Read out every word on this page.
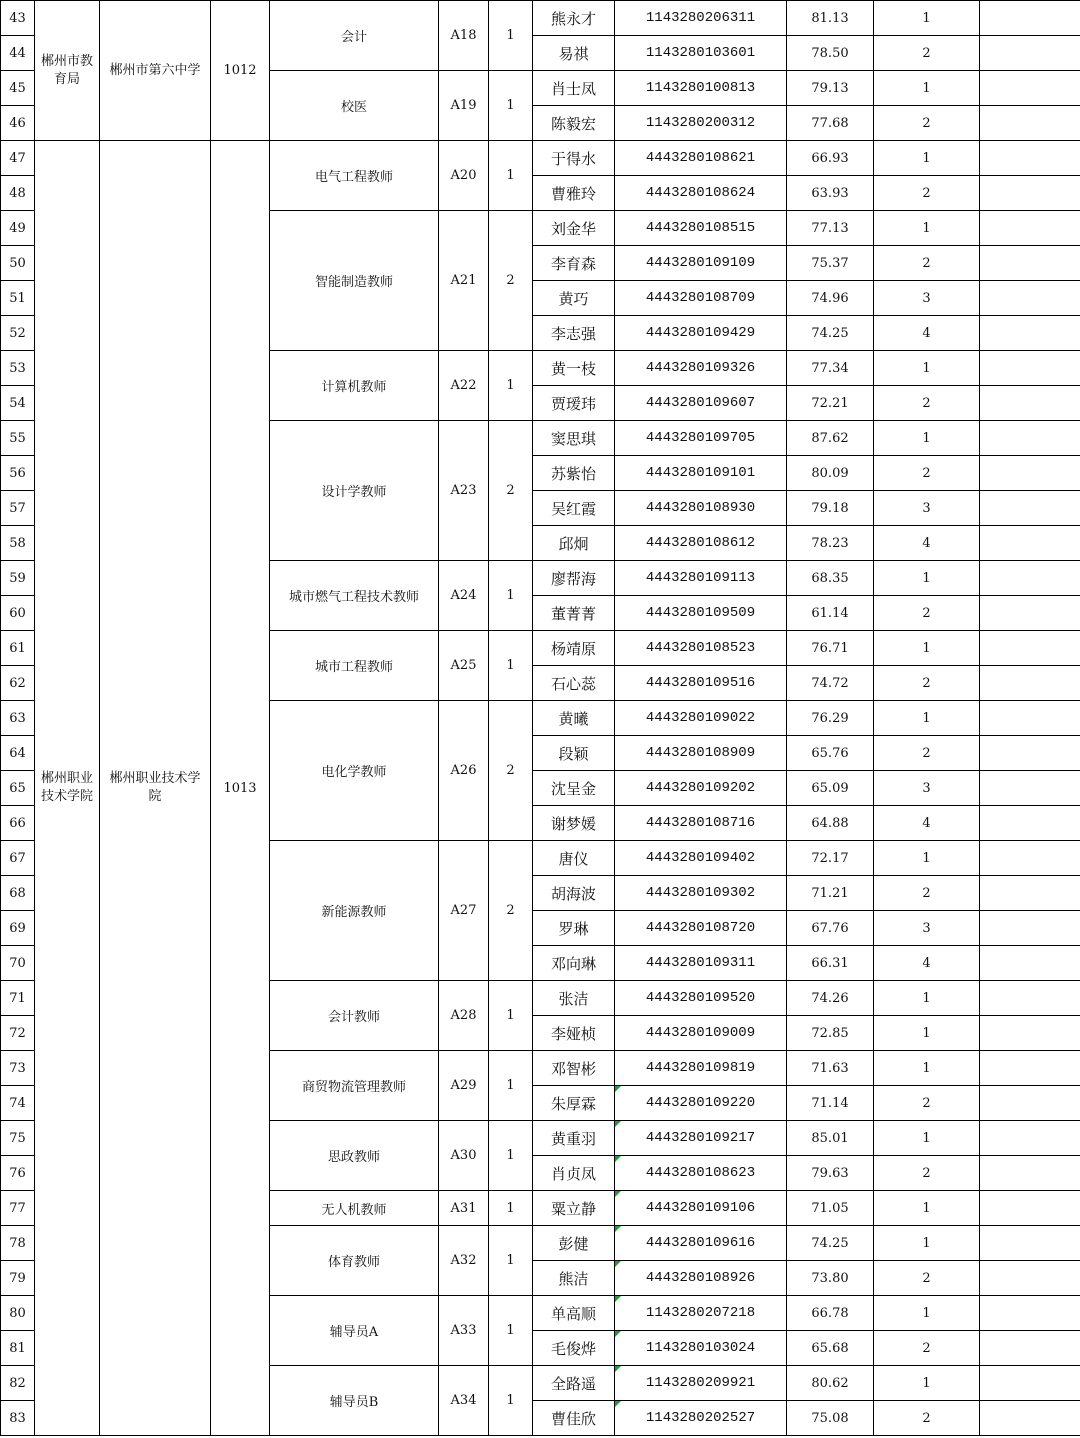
43	郴州市教育局	郴州市第六中学	1012	会计	A18	1	熊永才	1143280206311	81.13	1	
44							易祺	1143280103601	78.50	2	
45				校医	A19	1	肖士凤	1143280100813	79.13	1	
46							陈毅宏	1143280200312	77.68	2	
47	郴州职业技术学院	郴州职业技术学院	1013	电气工程教师	A20	1	于得水	4443280108621	66.93	1	
48							曹雅玲	4443280108624	63.93	2	
49				智能制造教师	A21	2	刘金华	4443280108515	77.13	1	
50							李育森	4443280109109	75.37	2	
51							黄巧	4443280108709	74.96	3	
52							李志强	4443280109429	74.25	4	
53				计算机教师	A22	1	黄一枝	4443280109326	77.34	1	
54							贾瑷玮	4443280109607	72.21	2	
55				设计学教师	A23	2	窦思琪	4443280109705	87.62	1	
56							苏紫怡	4443280109101	80.09	2	
57							吴红霞	4443280108930	79.18	3	
58							邱炯	4443280108612	78.23	4	
59				城市燃气工程技术教师	A24	1	廖帮海	4443280109113	68.35	1	
60							董菁菁	4443280109509	61.14	2	
61				城市工程教师	A25	1	杨靖原	4443280108523	76.71	1	
62							石心蕊	4443280109516	74.72	2	
63				电化学教师	A26	2	黄曦	4443280109022	76.29	1	
64							段颖	4443280108909	65.76	2	
65							沈呈金	4443280109202	65.09	3	
66							谢梦媛	4443280108716	64.88	4	
67				新能源教师	A27	2	唐仪	4443280109402	72.17	1	
68							胡海波	4443280109302	71.21	2	
69							罗琳	4443280108720	67.76	3	
70							邓向琳	4443280109311	66.31	4	
71				会计教师	A28	1	张洁	4443280109520	74.26	1	
72							李娅桢	4443280109009	72.85	1	
73				商贸物流管理教师	A29	1	邓智彬	4443280109819	71.63	1	
74							朱厚霖	4443280109220	71.14	2	
75				思政教师	A30	1	黄重羽	4443280109217	85.01	1	
76							肖贞凤	4443280108623	79.63	2	
77				无人机教师	A31	1	粟立静	4443280109106	71.05	1	
78				体育教师	A32	1	彭健	4443280109616	74.25	1	
79							熊洁	4443280108926	73.80	2	
80				辅导员A	A33	1	单高顺	1143280207218	66.78	1	
81							毛俊烨	1143280103024	65.68	2	
82				辅导员B	A34	1	全路遥	1143280209921	80.62	1	
83							曹佳欣	1143280202527	75.08	2	
